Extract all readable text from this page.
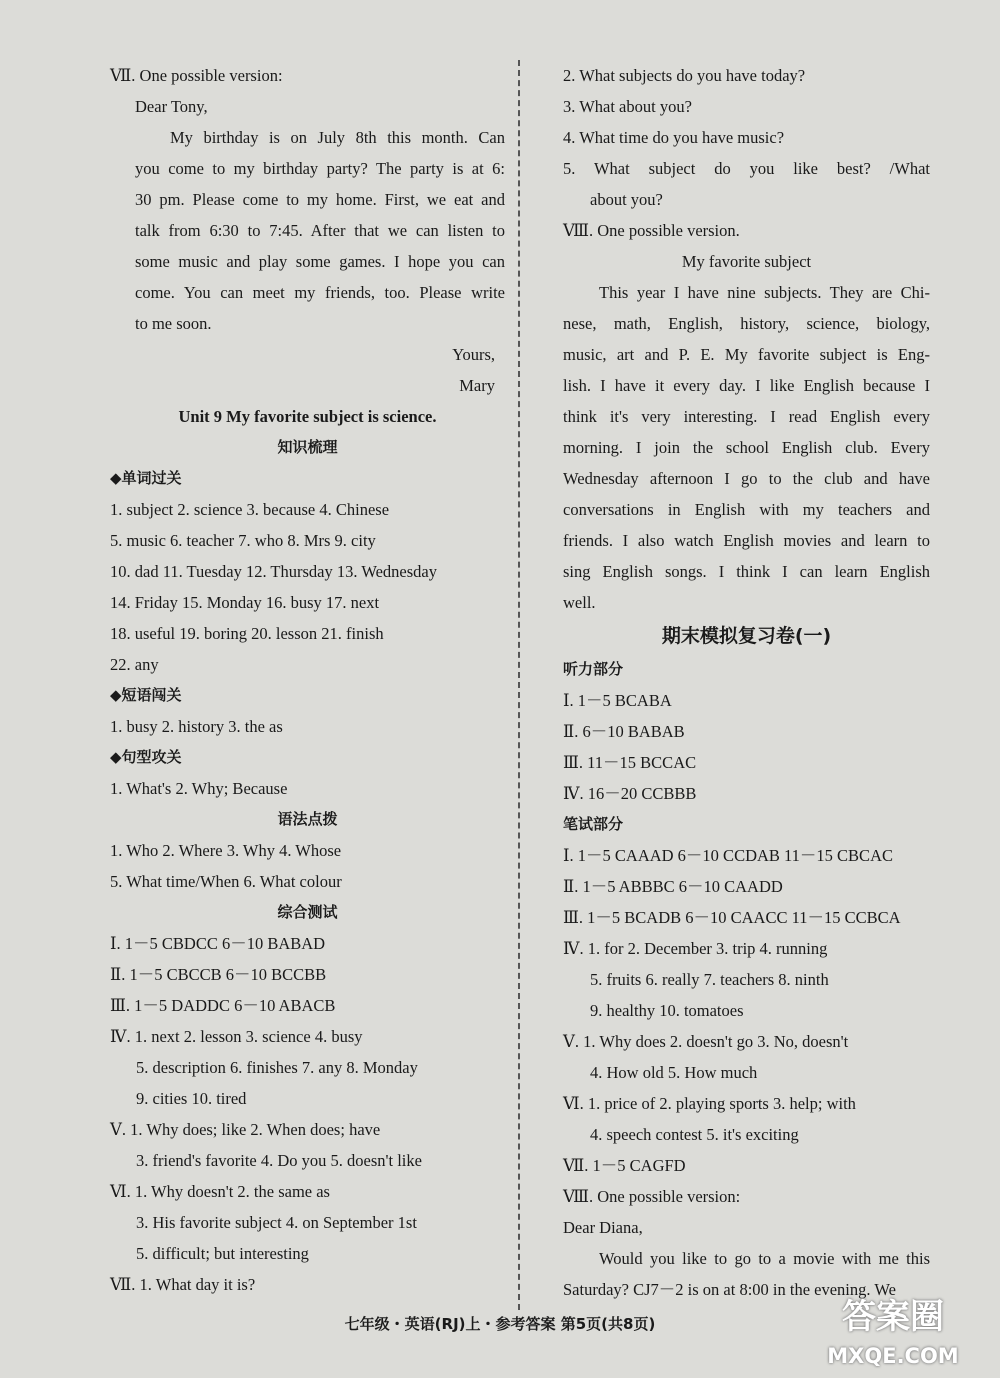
Ⅶ. One possible version:
Dear Tony,
My birthday is on July 8th this month. Can
you come to my birthday party? The party is at 6:
30 pm. Please come to my home. First, we eat and
talk from 6:30 to 7:45. After that we can listen to
some music and play some games. I hope you can
come. You can meet my friends, too. Please write
to me soon.
Yours,
Mary
Unit 9 My favorite subject is science.
知识梳理
◆单词过关
1. subject 2. science 3. because 4. Chinese
5. music 6. teacher 7. who 8. Mrs 9. city
10. dad 11. Tuesday 12. Thursday 13. Wednesday
14. Friday 15. Monday 16. busy 17. next
18. useful 19. boring 20. lesson 21. finish
22. any
◆短语闯关
1. busy 2. history 3. the as
◆句型攻关
1. What's 2. Why; Because
语法点拨
1. Who 2. Where 3. Why 4. Whose
5. What time/When 6. What colour
综合测试
Ⅰ. 1－5 CBDCC 6－10 BABAD
Ⅱ. 1－5 CBCCB 6－10 BCCBB
Ⅲ. 1－5 DADDC 6－10 ABACB
Ⅳ. 1. next 2. lesson 3. science 4. busy
5. description 6. finishes 7. any 8. Monday
9. cities 10. tired
Ⅴ. 1. Why does; like 2. When does; have
3. friend's favorite 4. Do you 5. doesn't like
Ⅵ. 1. Why doesn't 2. the same as
3. His favorite subject 4. on September 1st
5. difficult; but interesting
Ⅶ. 1. What day it is?
2. What subjects do you have today?
3. What about you?
4. What time do you have music?
5. What subject do you like best? /What
about you?
Ⅷ. One possible version.
My favorite subject
This year I have nine subjects. They are Chi-
nese, math, English, history, science, biology,
music, art and P. E. My favorite subject is Eng-
lish. I have it every day. I like English because I
think it's very interesting. I read English every
morning. I join the school English club. Every
Wednesday afternoon I go to the club and have
conversations in English with my teachers and
friends. I also watch English movies and learn to
sing English songs. I think I can learn English
well.
期末模拟复习卷(一)
听力部分
Ⅰ. 1－5 BCABA
Ⅱ. 6－10 BABAB
Ⅲ. 11－15 BCCAC
Ⅳ. 16－20 CCBBB
笔试部分
Ⅰ. 1－5 CAAAD 6－10 CCDAB 11－15 CBCAC
Ⅱ. 1－5 ABBBC 6－10 CAADD
Ⅲ. 1－5 BCADB 6－10 CAACC 11－15 CCBCA
Ⅳ. 1. for 2. December 3. trip 4. running
5. fruits 6. really 7. teachers 8. ninth
9. healthy 10. tomatoes
Ⅴ. 1. Why does 2. doesn't go 3. No, doesn't
4. How old 5. How much
Ⅵ. 1. price of 2. playing sports 3. help; with
4. speech contest 5. it's exciting
Ⅶ. 1－5 CAGFD
Ⅷ. One possible version:
Dear Diana,
Would you like to go to a movie with me this
Saturday? CJ7－2 is on at 8:00 in the evening. We
七年级・英语(RJ)上・参考答案 第5页(共8页)	答案圈
MXQE.COM
